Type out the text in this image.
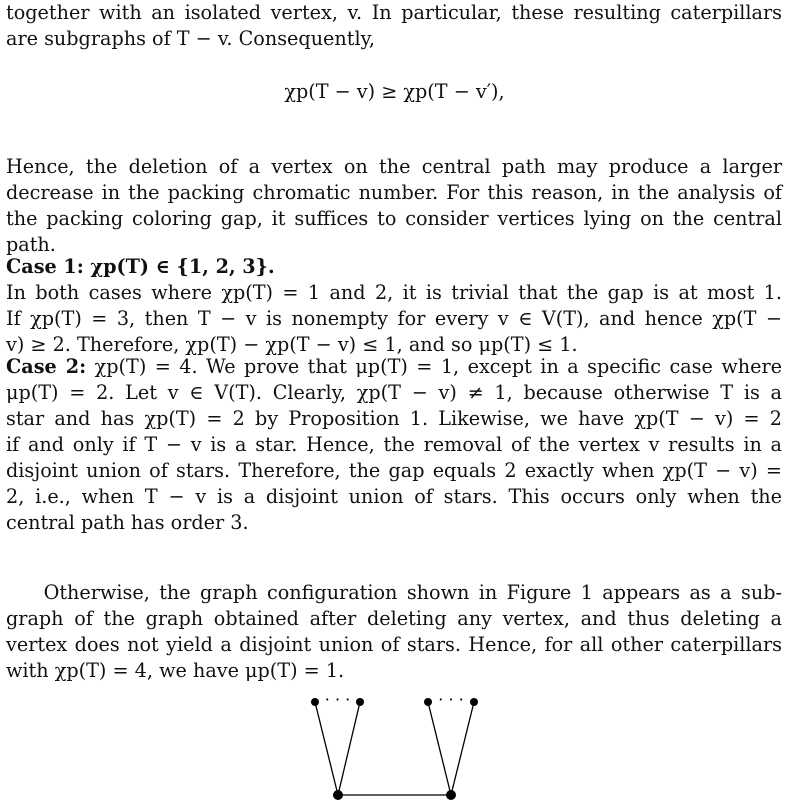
together with an isolated vertex, v. In particular, these resulting caterpillars
are subgraphs of T − v. Consequently,

χp(T − v) ≥ χp(T − v′),

Hence, the deletion of a vertex on the central path may produce a larger
decrease in the packing chromatic number. For this reason, in the analysis of
the packing coloring gap, it suffices to consider vertices lying on the central
path.

Case 1: χp(T) ∈ {1, 2, 3}.
In both cases where χp(T) = 1 and 2, it is trivial that the gap is at most 1.
If χp(T) = 3, then T − v is nonempty for every v ∈ V(T), and hence χp(T −
v) ≥ 2. Therefore, χp(T) − χp(T − v) ≤ 1, and so μp(T) ≤ 1.

Case 2: χp(T) = 4. We prove that μp(T) = 1, except in a specific case where
μp(T) = 2. Let v ∈ V(T). Clearly, χp(T − v) ≠ 1, because otherwise T is a
star and has χp(T) = 2 by Proposition 1. Likewise, we have χp(T − v) = 2
if and only if T − v is a star. Hence, the removal of the vertex v results in a
disjoint union of stars. Therefore, the gap equals 2 exactly when χp(T − v) =
2, i.e., when T − v is a disjoint union of stars. This occurs only when the
central path has order 3.

Otherwise, the graph configuration shown in Figure 1 appears as a sub-
graph of the graph obtained after deleting any vertex, and thus deleting a
vertex does not yield a disjoint union of stars. Hence, for all other caterpillars
with χp(T) = 4, we have μp(T) = 1.

· · ·	· · ·
